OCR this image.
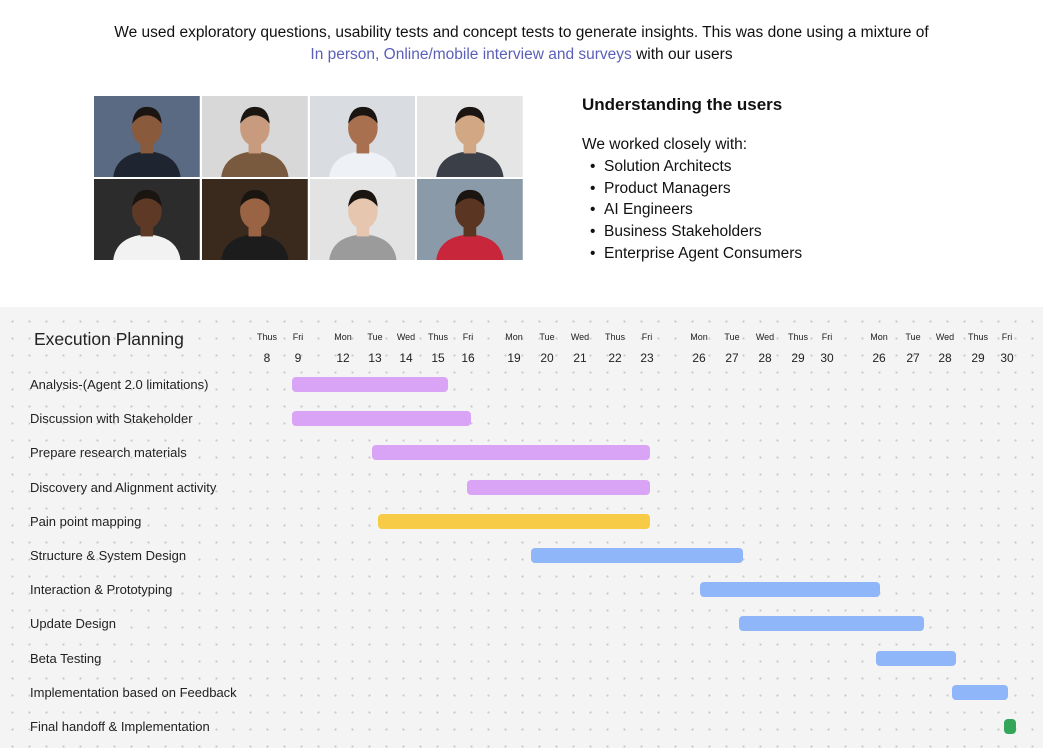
We used exploratory questions, usability tests and concept tests to generate insights. This was done using a mixture of
In person, Online/mobile interview and surveys with our users
Understanding the users
We worked closely with:
• Solution Architects
• Product Managers
• AI Engineers
• Business Stakeholders
• Enterprise Agent Consumers
Execution Planning	Thus
8
Fri
9
Mon
12
Tue
13
Wed
14
Thus
15
Fri
16
Mon
19
Tue
20
Wed
21
Thus
22
Fri
23
Mon
26
Tue
27
Wed
28
Thus
29
Fri
30
Mon
26
Tue
27
Wed
28
Thus
29
Fri
30
Analysis-(Agent 2.0 limitations)
Discussion with Stakeholder
Prepare research materials
Discovery and Alignment activity
Pain point mapping
Structure & System Design
Interaction & Prototyping
Update Design
Beta Testing
Implementation based on Feedback
Final handoff & Implementation
